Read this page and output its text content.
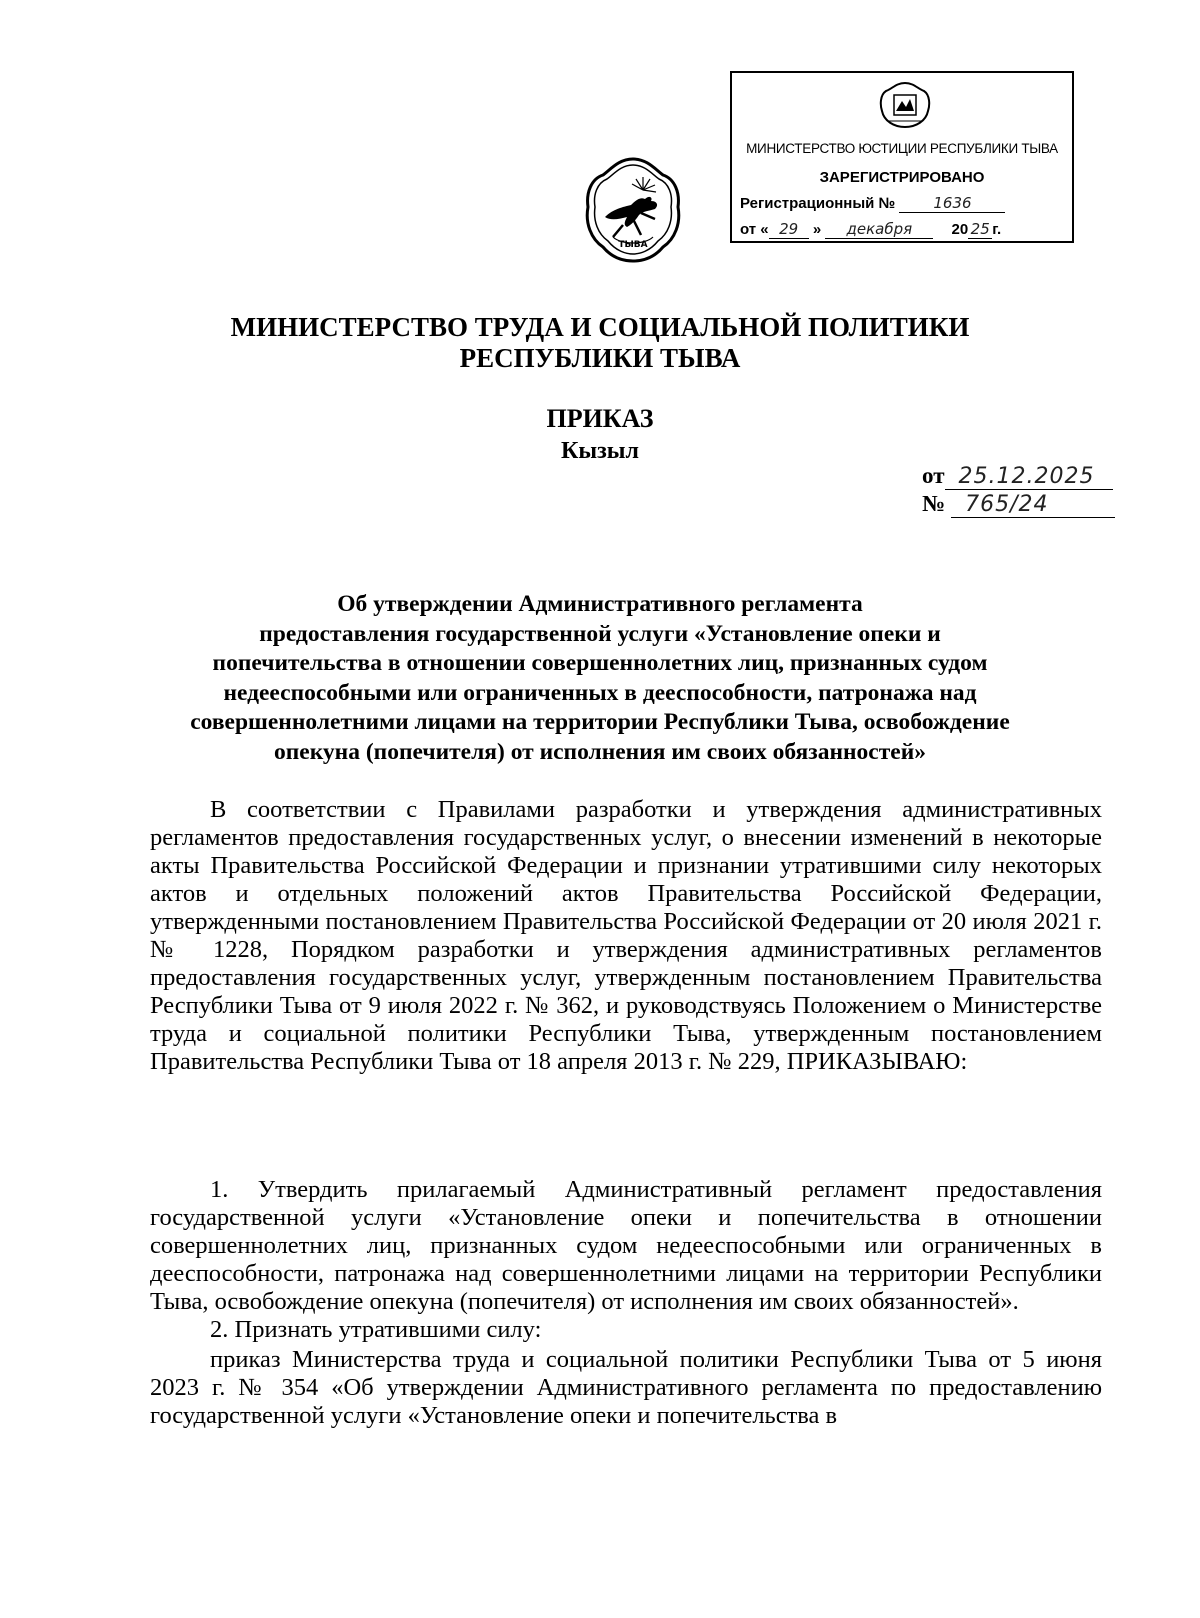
ТЫВА
МИНИСТЕРСТВО ЮСТИЦИИ РЕСПУБЛИКИ ТЫВА
ЗАРЕГИСТРИРОВАНО
Регистрационный №	1636
от « 29 » декабря	20 25 г.
МИНИСТЕРСТВО ТРУДА И СОЦИАЛЬНОЙ ПОЛИТИКИ
РЕСПУБЛИКИ ТЫВА
ПРИКАЗ
Кызыл
от 25.12.2025
№ 765/24
Об утверждении Административного регламента
предоставления государственной услуги «Установление опеки и
попечительства в отношении совершеннолетних лиц, признанных судом
недееспособными или ограниченных в дееспособности, патронажа над
совершеннолетними лицами на территории Республики Тыва, освобождение
опекуна (попечителя) от исполнения им своих обязанностей»
В соответствии с Правилами разработки и утверждения административных регламентов предоставления государственных услуг, о внесении изменений в некоторые акты Правительства Российской Федерации и признании утратившими силу некоторых актов и отдельных положений актов Правительства Российской Федерации, утвержденными постановлением Правительства Российской Федерации от 20 июля 2021 г. № 1228, Порядком разработки и утверждения административных регламентов предоставления государственных услуг, утвержденным постановлением Правительства Республики Тыва от 9 июля 2022 г. № 362, и руководствуясь Положением о Министерстве труда и социальной политики Республики Тыва, утвержденным постановлением Правительства Республики Тыва от 18 апреля 2013 г. № 229, ПРИКАЗЫВАЮ:
1. Утвердить прилагаемый Административный регламент предоставления государственной услуги «Установление опеки и попечительства в отношении совершеннолетних лиц, признанных судом недееспособными или ограниченных в дееспособности, патронажа над совершеннолетними лицами на территории Республики Тыва, освобождение опекуна (попечителя) от исполнения им своих обязанностей».
2. Признать утратившими силу:
приказ Министерства труда и социальной политики Республики Тыва от 5 июня 2023 г. № 354 «Об утверждении Административного регламента по предоставлению государственной услуги «Установление опеки и попечительства в
